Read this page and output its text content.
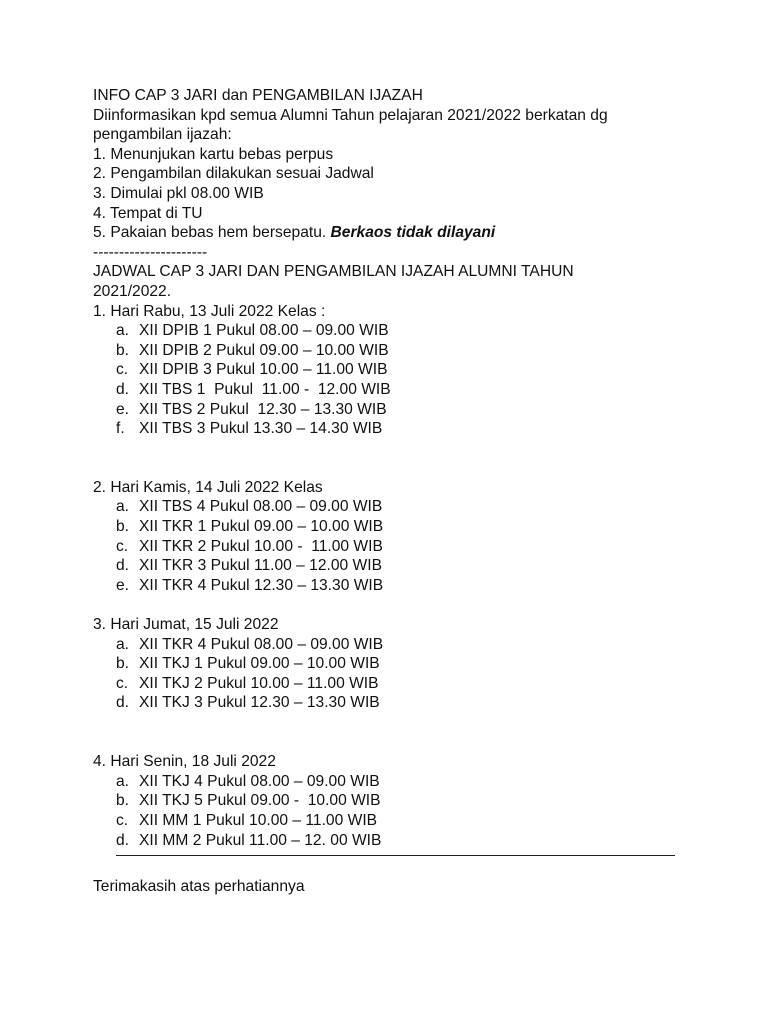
INFO CAP 3 JARI dan PENGAMBILAN IJAZAH
Diinformasikan kpd semua Alumni Tahun pelajaran 2021/2022 berkatan dg
pengambilan ijazah:
1. Menunjukan kartu bebas perpus
2. Pengambilan dilakukan sesuai Jadwal
3. Dimulai pkl 08.00 WIB
4. Tempat di TU
5. Pakaian bebas hem bersepatu. Berkaos tidak dilayani
----------------------
JADWAL CAP 3 JARI DAN PENGAMBILAN IJAZAH ALUMNI TAHUN
2021/2022.
1. Hari Rabu, 13 Juli 2022 Kelas :
a. XII DPIB 1 Pukul 08.00 – 09.00 WIB
b. XII DPIB 2 Pukul 09.00 – 10.00 WIB
c. XII DPIB 3 Pukul 10.00 – 11.00 WIB
d. XII TBS 1  Pukul  11.00 -  12.00 WIB
e. XII TBS 2 Pukul  12.30 – 13.30 WIB
f. XII TBS 3 Pukul 13.30 – 14.30 WIB
2. Hari Kamis, 14 Juli 2022 Kelas
a. XII TBS 4 Pukul 08.00 – 09.00 WIB
b. XII TKR 1 Pukul 09.00 – 10.00 WIB
c. XII TKR 2 Pukul 10.00 -  11.00 WIB
d. XII TKR 3 Pukul 11.00 – 12.00 WIB
e. XII TKR 4 Pukul 12.30 – 13.30 WIB
3. Hari Jumat, 15 Juli 2022
a. XII TKR 4 Pukul 08.00 – 09.00 WIB
b. XII TKJ 1 Pukul 09.00 – 10.00 WIB
c. XII TKJ 2 Pukul 10.00 – 11.00 WIB
d. XII TKJ 3 Pukul 12.30 – 13.30 WIB
4. Hari Senin, 18 Juli 2022
a. XII TKJ 4 Pukul 08.00 – 09.00 WIB
b. XII TKJ 5 Pukul 09.00 -  10.00 WIB
c. XII MM 1 Pukul 10.00 – 11.00 WIB
d. XII MM 2 Pukul 11.00 – 12. 00 WIB
Terimakasih atas perhatiannya
